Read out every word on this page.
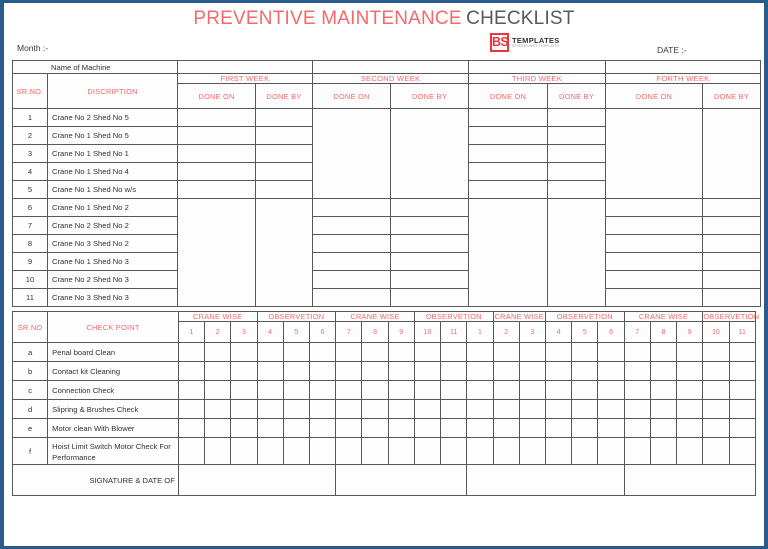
PREVENTIVE MAINTENANCE CHECKLIST
Month :-	BS TEMPLATES
SPREADSHEET TEMPLATES	DATE :-
Name of Machine									
SR.NO.	DISCRIPTION	FIRST WEEK		SECOND WEEK		THIRD WEEK		FORTH WEEK	
		DONE ON	DONE BY	DONE ON	DONE BY	DONE ON	DONE BY	DONE ON	DONE BY
1	Crane No 2 Shed No 5								
2	Crane No 1 Shed No 5								
3	Crane No 1 Shed No 1								
4	Crane No 1 Shed No 4								
5	Crane No 1 Shed No w/s								
6	Crane No 1 Shed No 2								
7	Crane No 2 Shed No 2								
8	Crane No 3 Shed No 2								
9	Crane No 1 Shed No 3								
10	Crane No 2 Shed No 3								
11	Crane No 3 Shed No 3								
SR.NO	CHECK POINT	CRANE WISE			OBSERVETION			CRANE WISE			OBSERVETION			CRANE WISE		OBSERVETION			CRANE WISE			OBSERVETION	
		1	2	3	4	5	6	7	8	9	10	11	1	2	3	4	5	6	7	8	9	10	11
a	Penal board Clean																						
b	Contact kit Cleaning																						
c	Connection Check																						
d	Slipring & Brushes Check																						
e	Motor clean With Blower																						
f	Hoist Limit Switch Motor Check For Performance																						
SIGNATURE & DATE OF																							
